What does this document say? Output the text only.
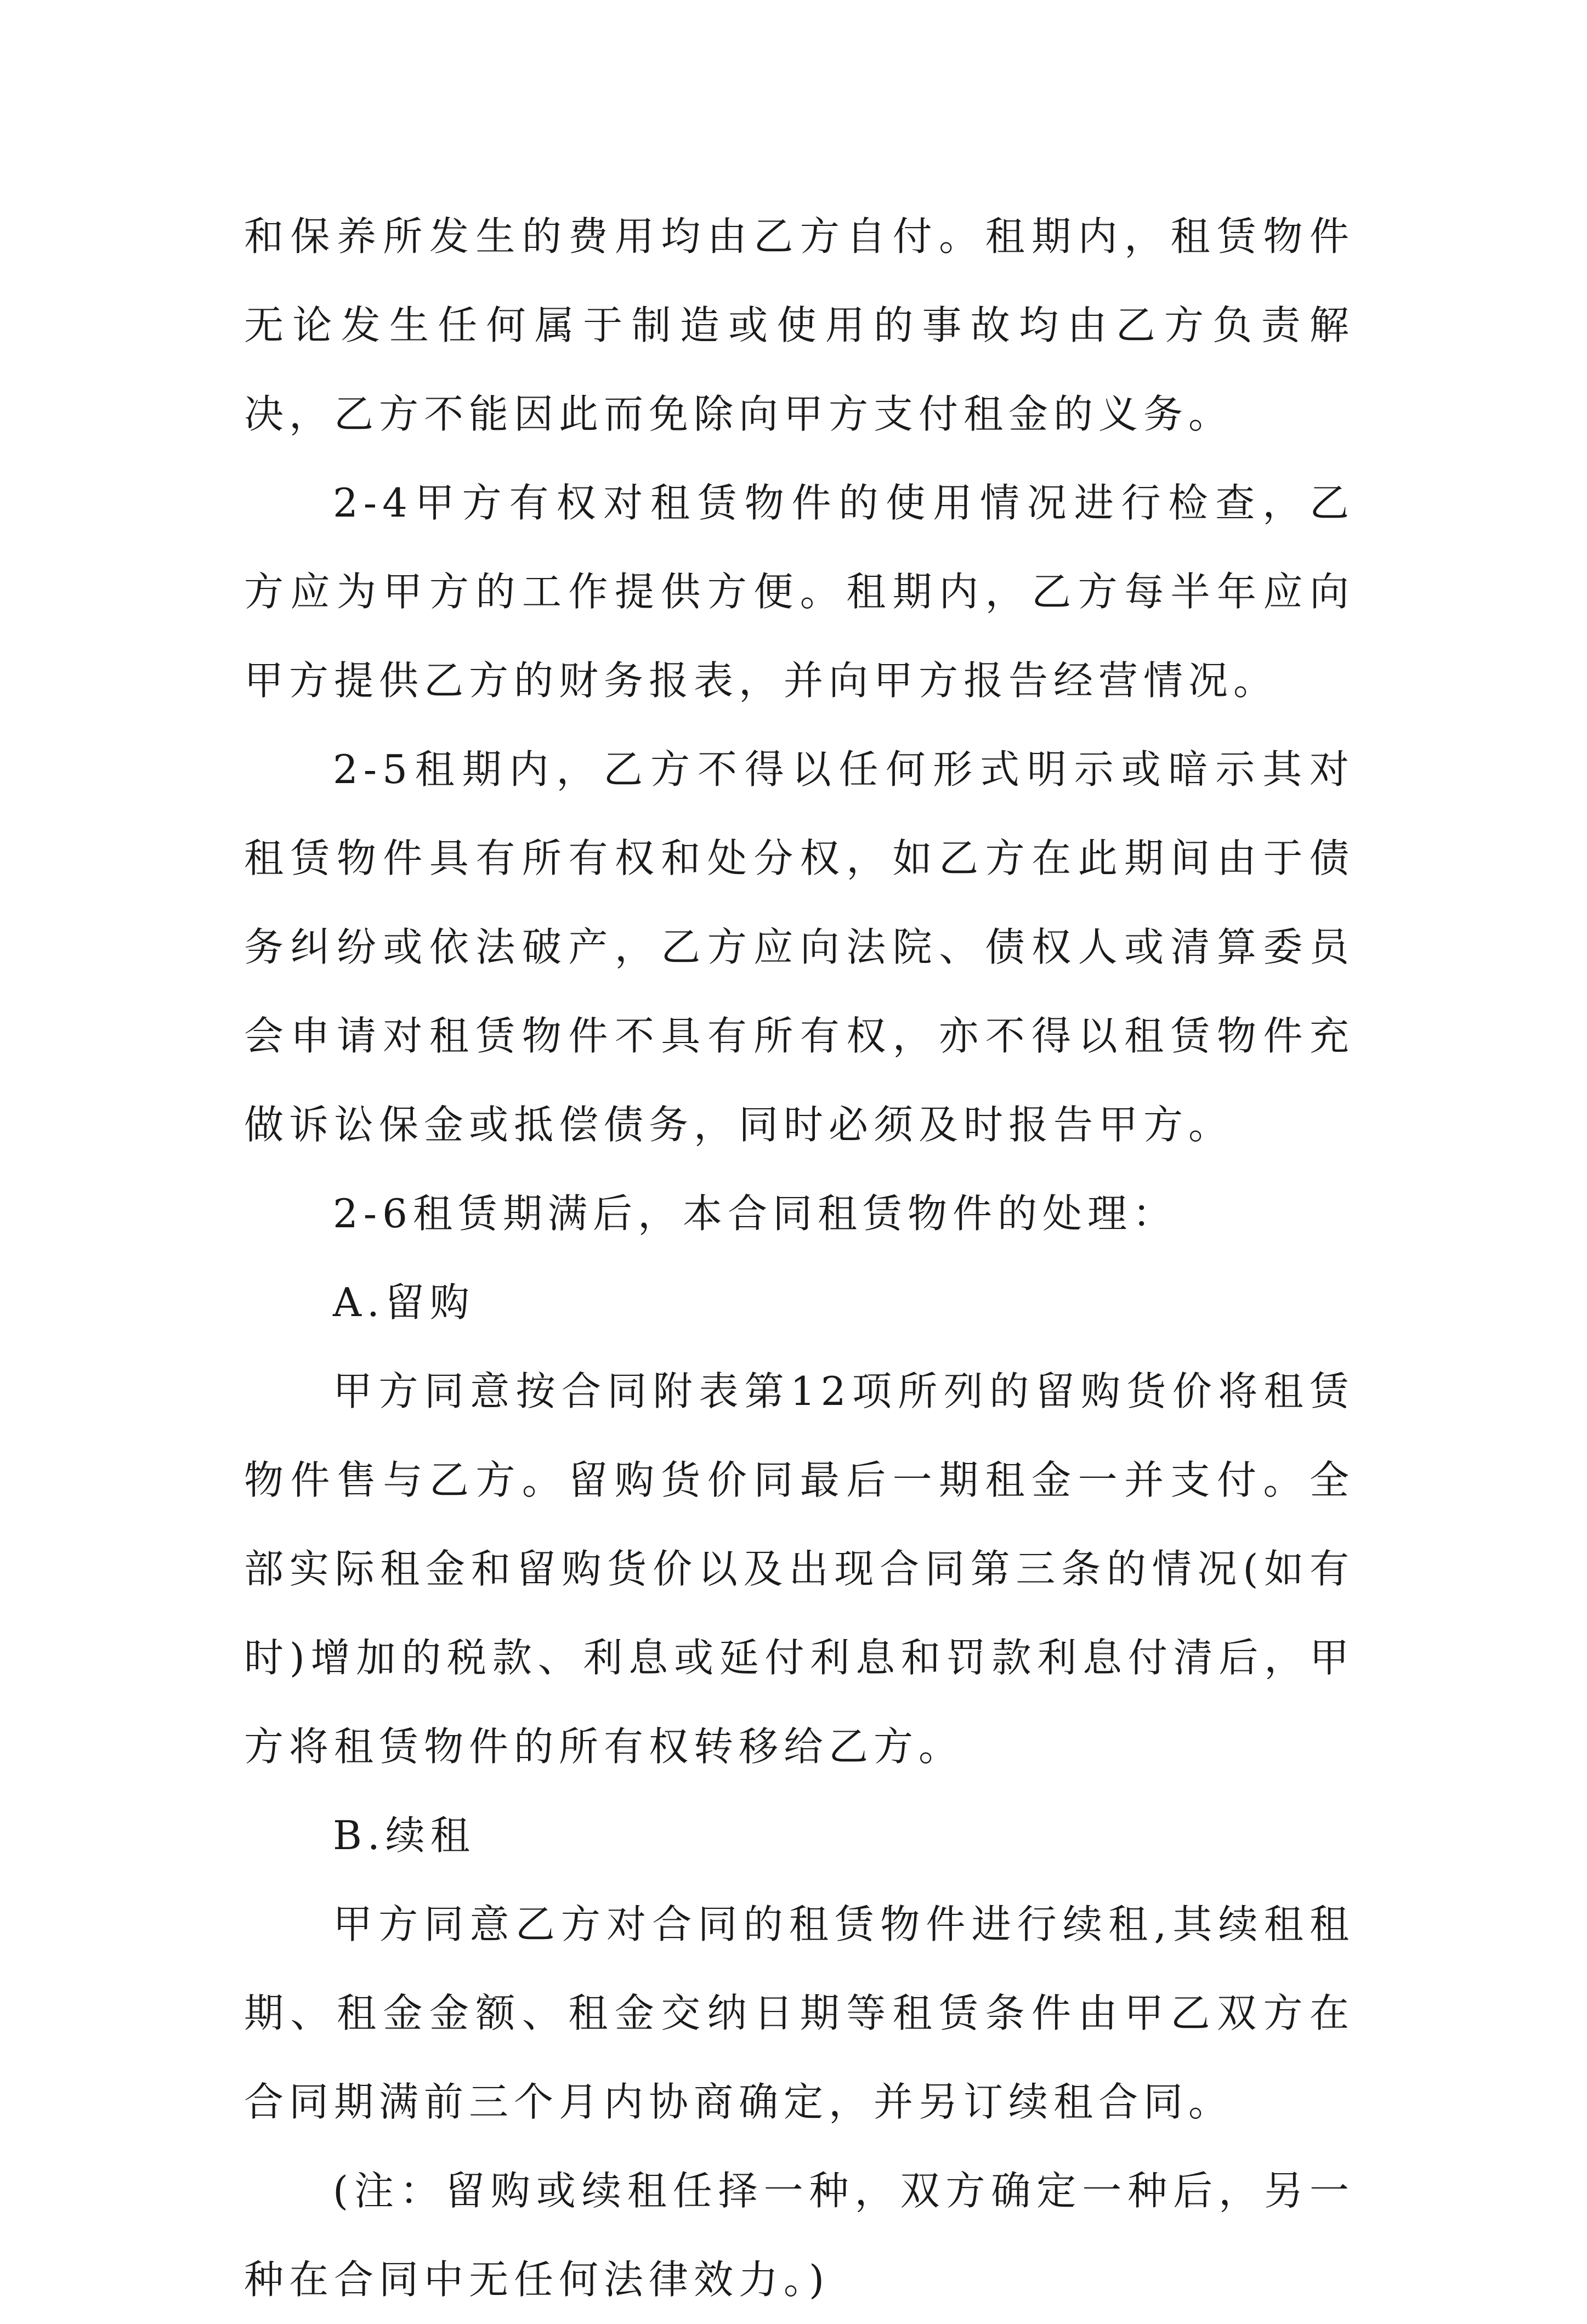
和保养所发生的费用均由乙方自付。租期内，租赁物件无论发生任何属于制造或使用的事故均由乙方负责解决，乙方不能因此而免除向甲方支付租金的义务。

2-4甲方有权对租赁物件的使用情况进行检查，乙方应为甲方的工作提供方便。租期内，乙方每半年应向甲方提供乙方的财务报表，并向甲方报告经营情况。

2-5租期内，乙方不得以任何形式明示或暗示其对租赁物件具有所有权和处分权，如乙方在此期间由于债务纠纷或依法破产，乙方应向法院、债权人或清算委员会申请对租赁物件不具有所有权，亦不得以租赁物件充做诉讼保金或抵偿债务，同时必须及时报告甲方。

2-6租赁期满后，本合同租赁物件的处理：

A.留购

甲方同意按合同附表第12项所列的留购货价将租赁物件售与乙方。留购货价同最后一期租金一并支付。全部实际租金和留购货价以及出现合同第三条的情况(如有时)增加的税款、利息或延付利息和罚款利息付清后，甲方将租赁物件的所有权转移给乙方。

B.续租

甲方同意乙方对合同的租赁物件进行续租,其续租租期、租金金额、租金交纳日期等租赁条件由甲乙双方在合同期满前三个月内协商确定，并另订续租合同。

(注：留购或续租任择一种，双方确定一种后，另一种在合同中无任何法律效力。)
